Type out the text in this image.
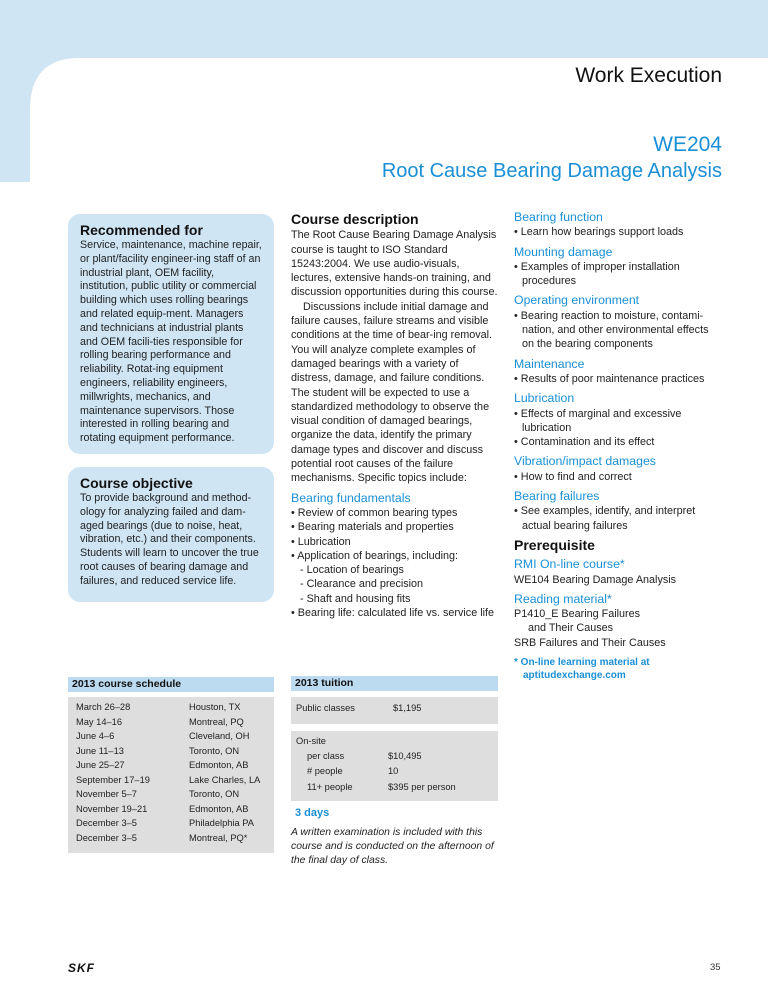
Work Execution
WE204
Root Cause Bearing Damage Analysis
Recommended for

Service, maintenance, machine repair, or plant/facility engineer-ing staff of an industrial plant, OEM facility, institution, public utility or commercial building which uses rolling bearings and related equip-ment. Managers and technicians at industrial plants and OEM facili-ties responsible for rolling bearing performance and reliability. Rotat-ing equipment engineers, reliability engineers, millwrights, mechanics, and maintenance supervisors. Those interested in rolling bearing and rotating equipment performance.

Course objective

To provide background and method-ology for analyzing failed and dam-aged bearings (due to noise, heat, vibration, etc.) and their components. Students will learn to uncover the true root causes of bearing damage and failures, and reduced service life.

Course description

The Root Cause Bearing Damage Analysis course is taught to ISO Standard 15243:2004. We use audio-visuals, lectures, extensive hands-on training, and discussion opportunities during this course.

Discussions include initial damage and failure causes, failure streams and visible conditions at the time of bear-ing removal. You will analyze complete examples of damaged bearings with a variety of distress, damage, and failure conditions. The student will be expected to use a standardized methodology to observe the visual condition of damaged bearings, organize the data, identify the primary damage types and discover and discuss potential root causes of the failure mechanisms. Specific topics include:

Bearing fundamentals

• Review of common bearing types

• Bearing materials and properties

• Lubrication

• Application of bearings, including:

- Location of bearings

- Clearance and precision

- Shaft and housing fits

• Bearing life: calculated life vs. service life

Bearing function

• Learn how bearings support loads

Mounting damage

• Examples of improper installation procedures

Operating environment

• Bearing reaction to moisture, contami-nation, and other environmental effects on the bearing components

Maintenance

• Results of poor maintenance practices

Lubrication

• Effects of marginal and excessive lubrication

• Contamination and its effect

Vibration/impact damages

• How to find and correct

Bearing failures

• See examples, identify, and interpret actual bearing failures

Prerequisite
RMI On-line course*

WE104 Bearing Damage Analysis

Reading material*

P1410_E Bearing Failures

and Their Causes

SRB Failures and Their Causes

* On-line learning material at

aptitudexchange.com

2013 course schedule
March 26–28	Houston, TX
May 14–16	Montreal, PQ
June 4–6	Cleveland, OH
June 11–13	Toronto, ON
June 25–27	Edmonton, AB
September 17–19	Lake Charles, LA
November 5–7	Toronto, ON
November 19–21	Edmonton, AB
December 3–5	Philadelphia PA
December 3–5	Montreal, PQ*
2013 tuition
Public classes	$1,195
On-site
per class	$10,495
# people	10
11+ people	$395 per person
3 days
A written examination is included with this course and is conducted on the afternoon of the final day of class.
SKF	35
